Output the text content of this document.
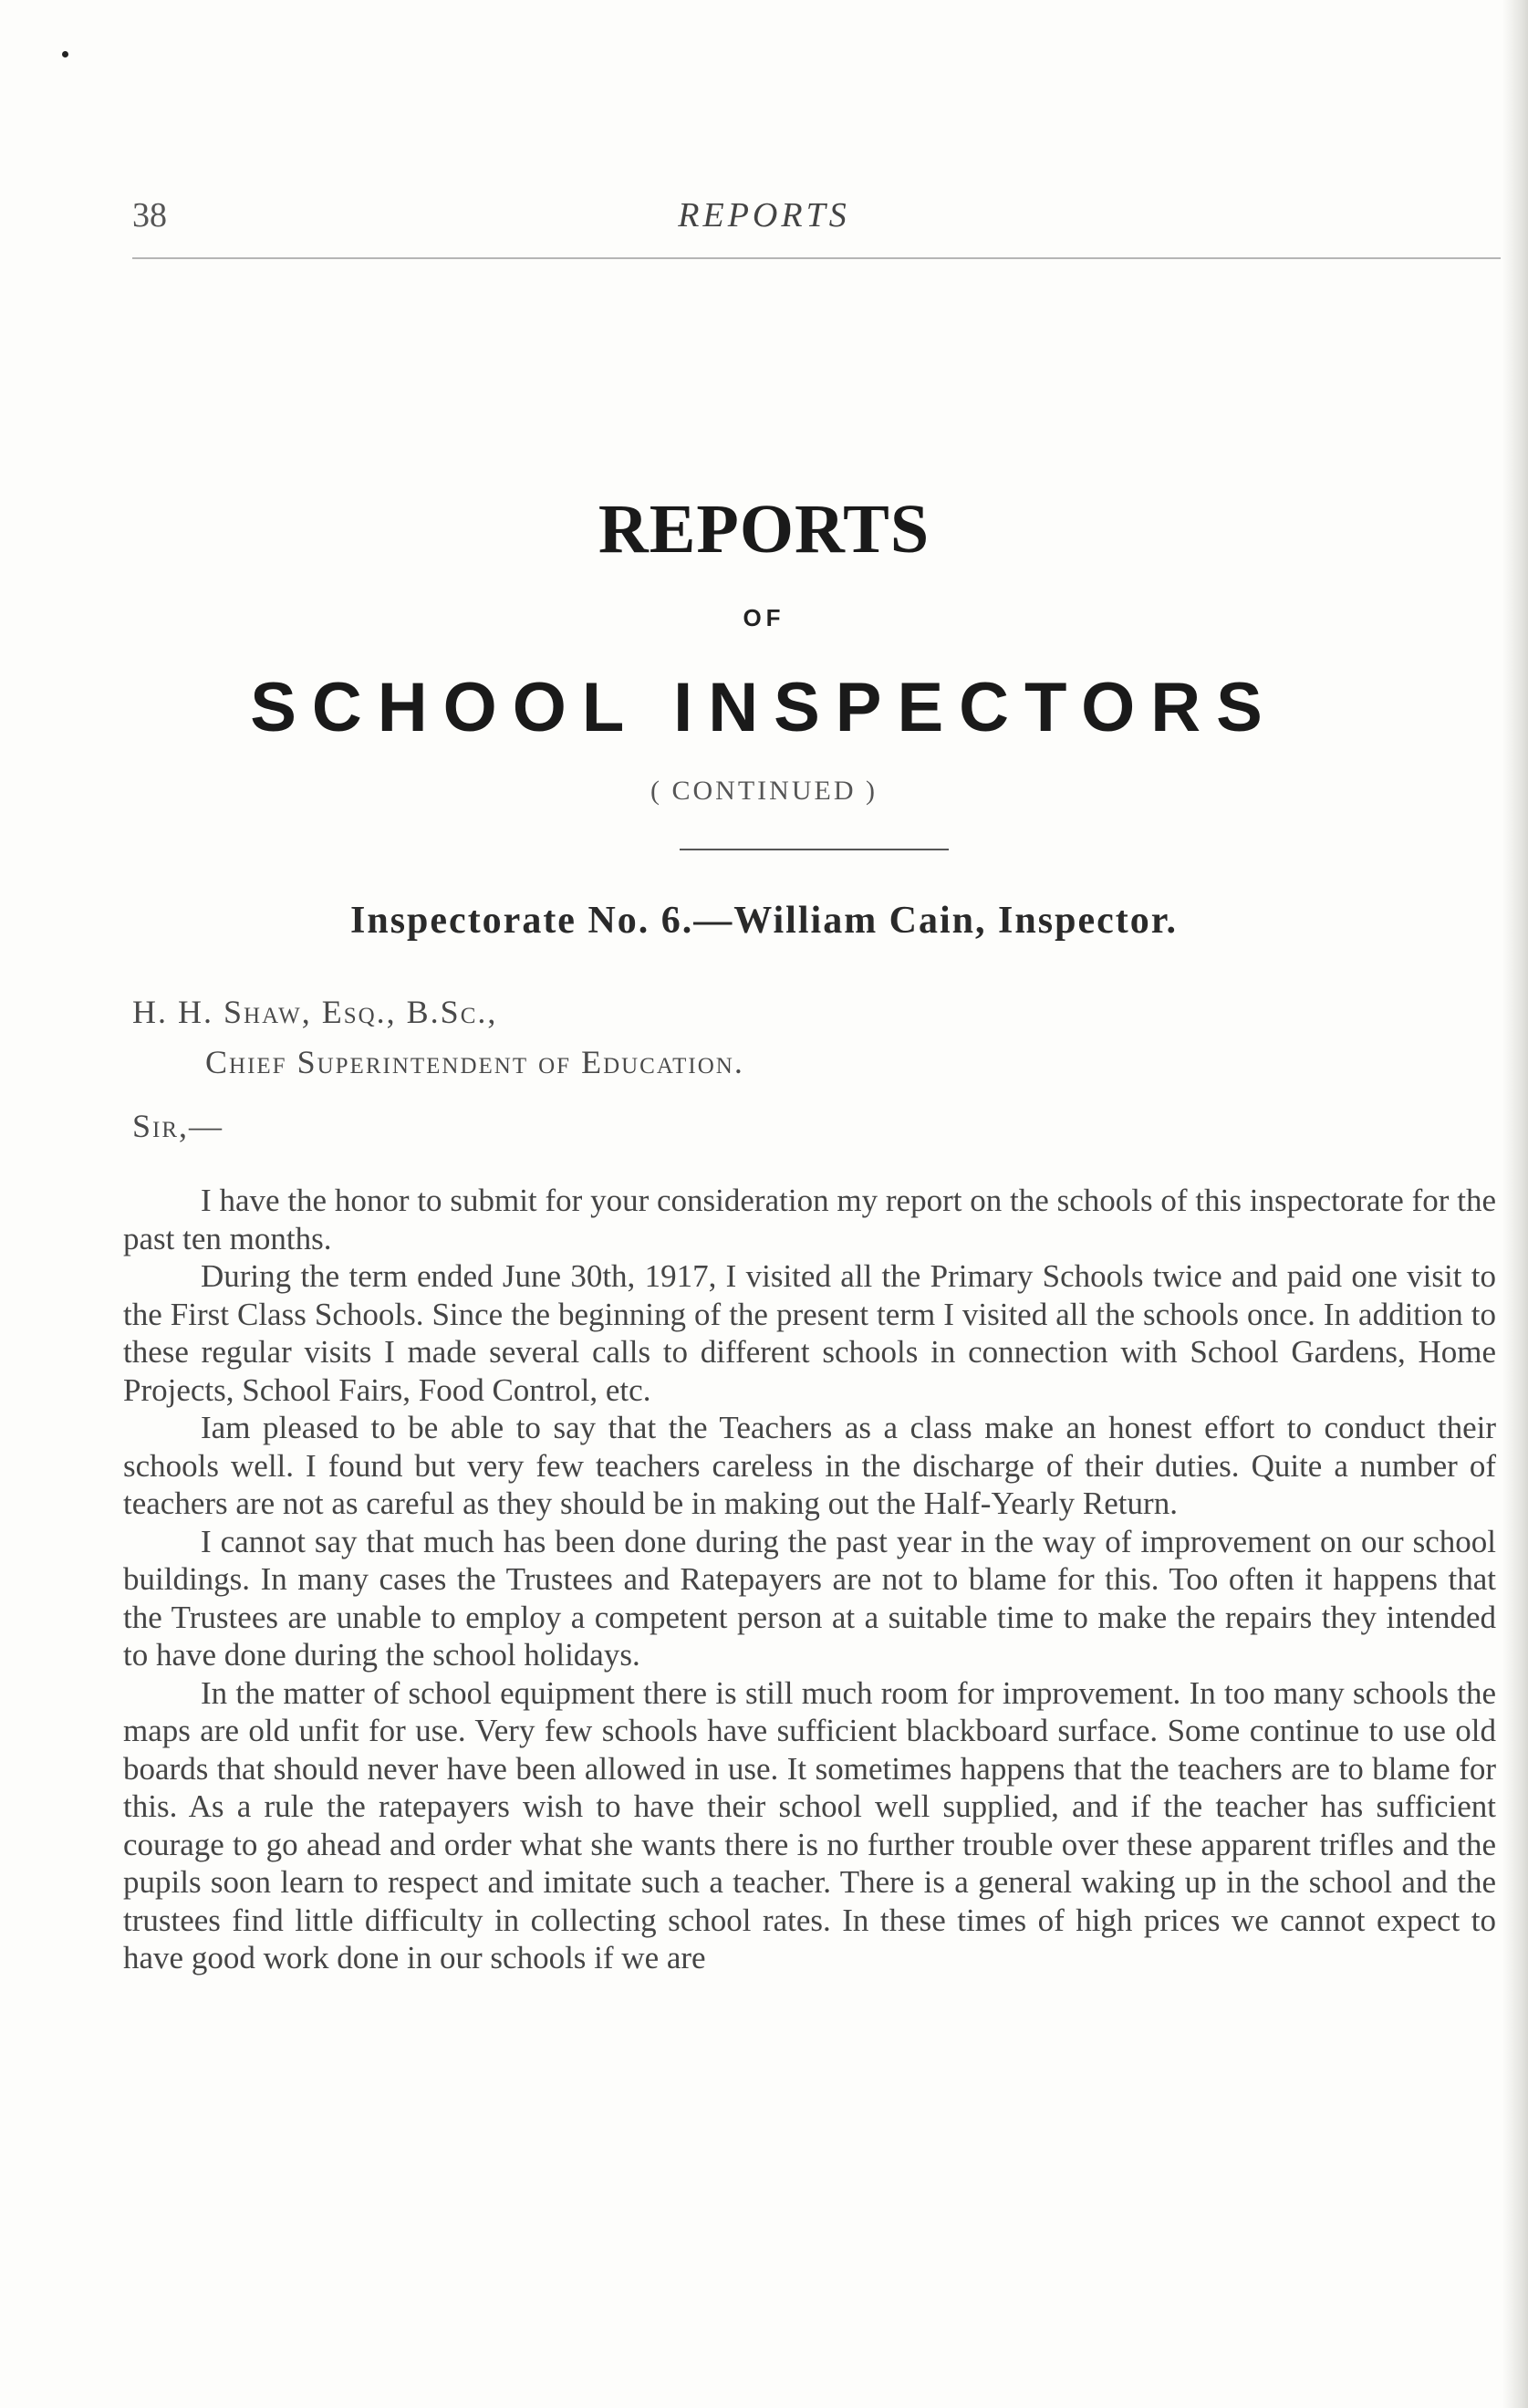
38	REPORTS
REPORTS
OF
SCHOOL INSPECTORS
( CONTINUED )
Inspectorate No. 6.—William Cain, Inspector.
H. H. Shaw, Esq., B.Sc.,
Chief Superintendent of Education.
Sir,—

I have the honor to submit for your consideration my report on the schools of this inspectorate for the past ten months.

During the term ended June 30th, 1917, I visited all the Primary Schools twice and paid one visit to the First Class Schools. Since the beginning of the present term I visited all the schools once. In addition to these regular visits I made several calls to different schools in connection with School Gardens, Home Projects, School Fairs, Food Control, etc.

Iam pleased to be able to say that the Teachers as a class make an honest effort to conduct their schools well. I found but very few teachers careless in the discharge of their duties. Quite a number of teachers are not as careful as they should be in making out the Half-Yearly Return.

I cannot say that much has been done during the past year in the way of improvement on our school buildings. In many cases the Trustees and Ratepayers are not to blame for this. Too often it happens that the Trustees are unable to employ a competent person at a suitable time to make the repairs they intended to have done during the school holidays.

In the matter of school equipment there is still much room for improvement. In too many schools the maps are old unfit for use. Very few schools have sufficient blackboard surface. Some continue to use old boards that should never have been allowed in use. It sometimes happens that the teachers are to blame for this. As a rule the ratepayers wish to have their school well supplied, and if the teacher has sufficient courage to go ahead and order what she wants there is no further trouble over these apparent trifles and the pupils soon learn to respect and imitate such a teacher. There is a general waking up in the school and the trustees find little difficulty in collecting school rates. In these times of high prices we cannot expect to have good work done in our schools if we are
